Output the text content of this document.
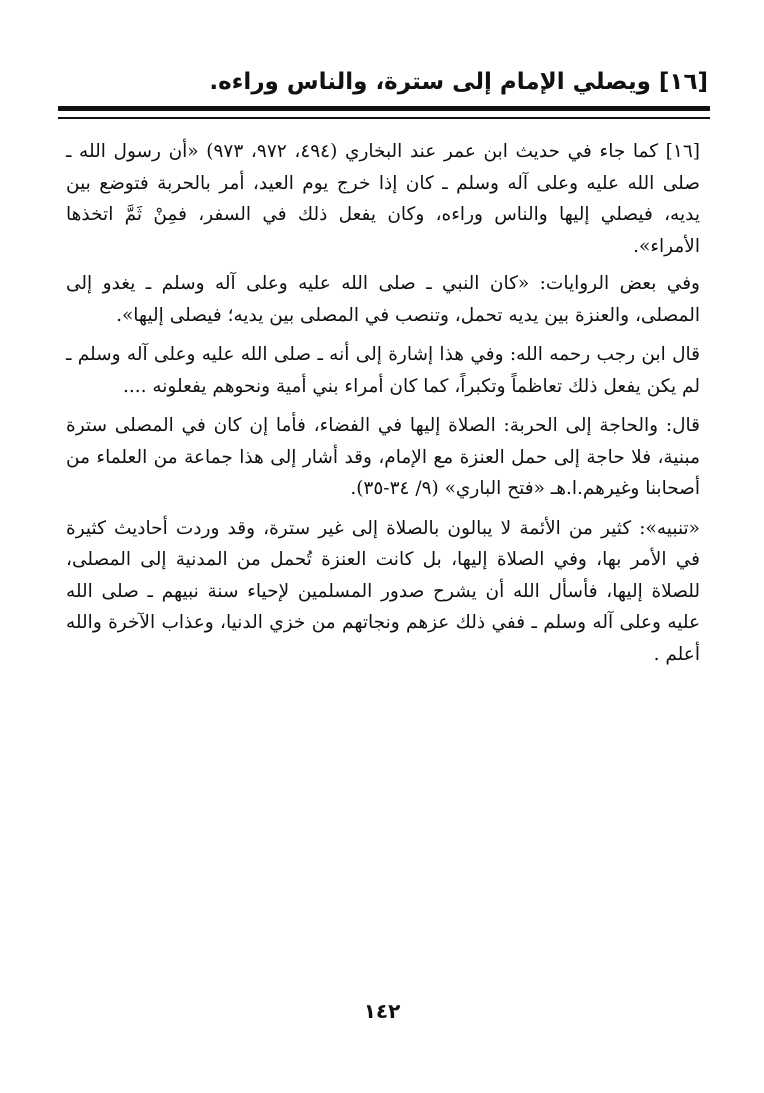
[١٦] ويصلي الإمام إلى سترة، والناس وراءه.

[١٦] كما جاء في حديث ابن عمر عند البخاري (٤٩٤، ٩٧٢، ٩٧٣) «أن رسول الله ـ صلى الله عليه وعلى آله وسلم ـ كان إذا خرج يوم العيد، أمر بالحربة فتوضع بين يديه، فيصلي إليها والناس وراءه، وكان يفعل ذلك في السفر، فمِنْ ثَمَّ اتخذها الأمراء».

وفي بعض الروايات: «كان النبي ـ صلى الله عليه وعلى آله وسلم ـ يغدو إلى المصلى، والعنزة بين يديه تحمل، وتنصب في المصلى بين يديه؛ فيصلى إليها».

قال ابن رجب رحمه الله: وفي هذا إشارة إلى أنه ـ صلى الله عليه وعلى آله وسلم ـ لم يكن يفعل ذلك تعاظماً وتكبراً، كما كان أمراء بني أمية ونحوهم يفعلونه ....

قال: والحاجة إلى الحربة: الصلاة إليها في الفضاء، فأما إن كان في المصلى سترة مبنية، فلا حاجة إلى حمل العنزة مع الإمام، وقد أشار إلى هذا جماعة من العلماء من أصحابنا وغيرهم.ا.هـ «فتح الباري» (٩/ ٣٤-٣٥).

«تنبيه»: كثير من الأئمة لا يبالون بالصلاة إلى غير سترة، وقد وردت أحاديث كثيرة في الأمر بها، وفي الصلاة إليها، بل كانت العنزة تُحمل من المدنية إلى المصلى، للصلاة إليها، فأسأل الله أن يشرح صدور المسلمين لإحياء سنة نبيهم ـ صلى الله عليه وعلى آله وسلم ـ ففي ذلك عزهم ونجاتهم من خزي الدنيا، وعذاب الآخرة والله أعلم .

١٤٢
